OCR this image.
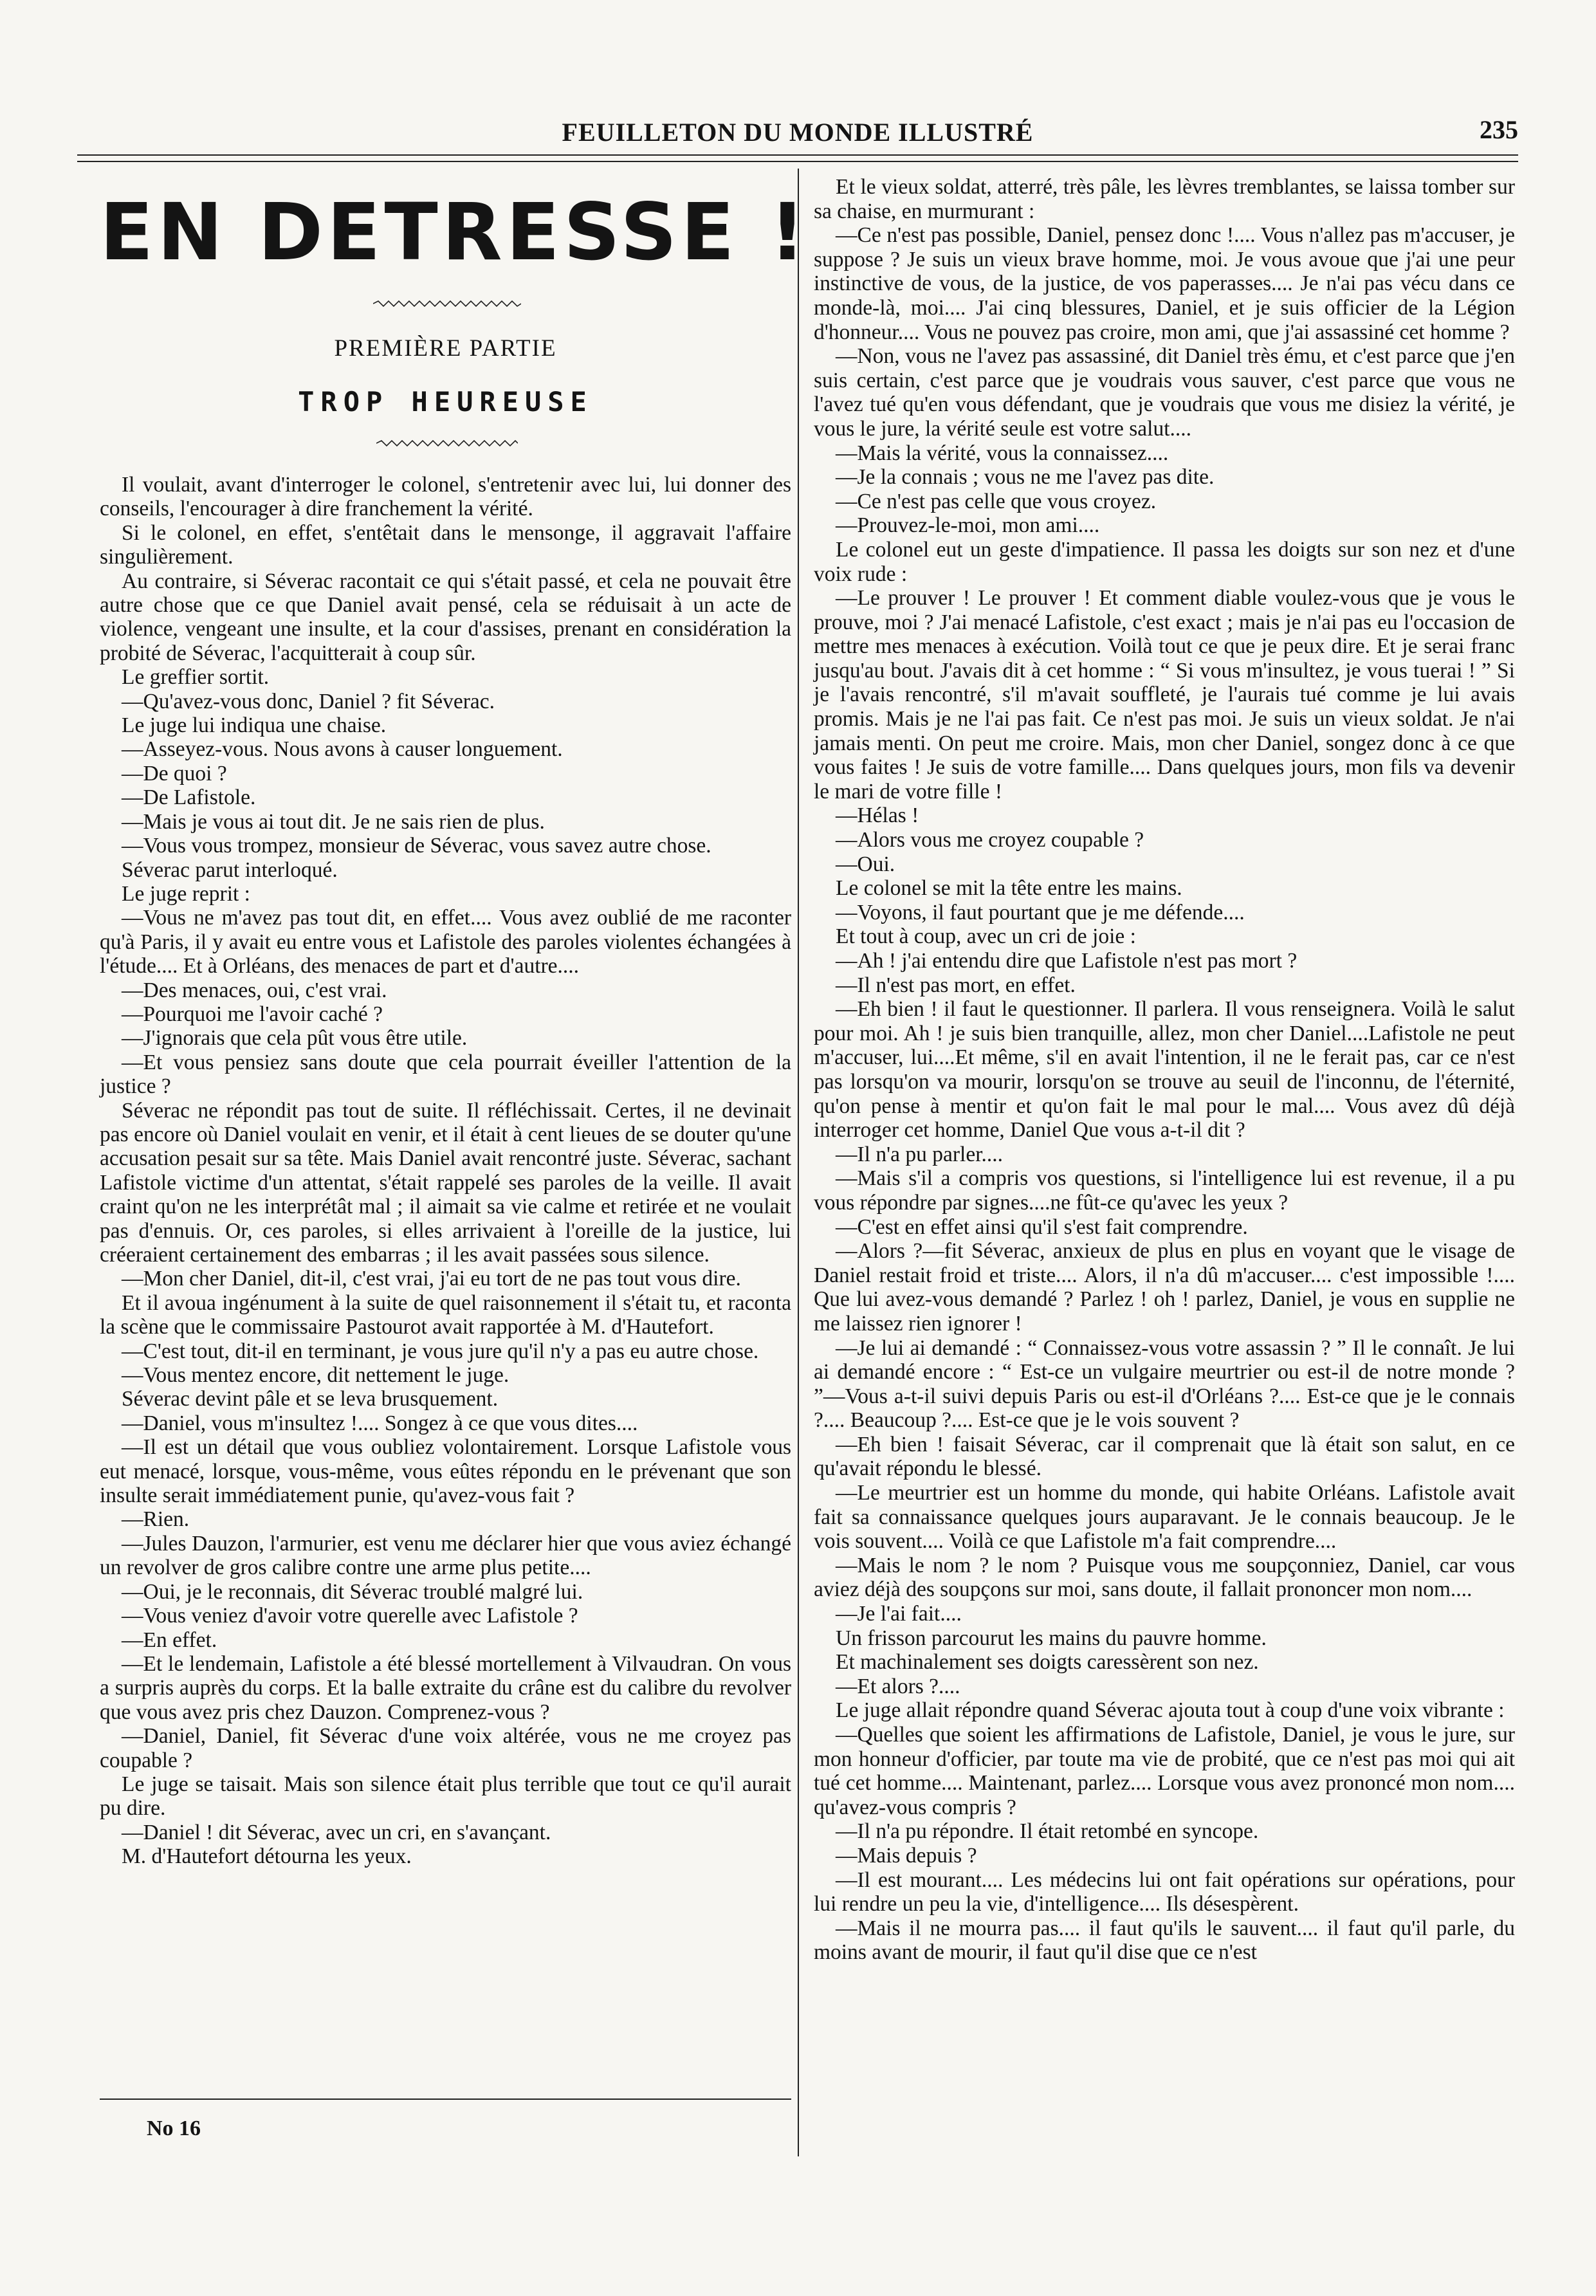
FEUILLETON DU MONDE ILLUSTRÉ	235
EN DETRESSE !
PREMIÈRE PARTIE
TROP HEUREUSE

Il voulait, avant d'interroger le colonel, s'entretenir avec lui, lui donner des conseils, l'encourager à dire franchement la vérité.

Si le colonel, en effet, s'entêtait dans le mensonge, il aggravait l'affaire singulièrement.

Au contraire, si Séverac racontait ce qui s'était passé, et cela ne pouvait être autre chose que ce que Daniel avait pensé, cela se réduisait à un acte de violence, vengeant une insulte, et la cour d'assises, prenant en considération la probité de Séverac, l'acquitterait à coup sûr.

Le greffier sortit.

—Qu'avez-vous donc, Daniel ? fit Séverac.

Le juge lui indiqua une chaise.

—Asseyez-vous. Nous avons à causer longuement.

—De quoi ?

—De Lafistole.

—Mais je vous ai tout dit. Je ne sais rien de plus.

—Vous vous trompez, monsieur de Séverac, vous savez autre chose.

Séverac parut interloqué.

Le juge reprit :

—Vous ne m'avez pas tout dit, en effet.... Vous avez oublié de me raconter qu'à Paris, il y avait eu entre vous et Lafistole des paroles violentes échangées à l'étude.... Et à Orléans, des menaces de part et d'autre....

—Des menaces, oui, c'est vrai.

—Pourquoi me l'avoir caché ?

—J'ignorais que cela pût vous être utile.

—Et vous pensiez sans doute que cela pourrait éveiller l'attention de la justice ?

Séverac ne répondit pas tout de suite. Il réfléchissait. Certes, il ne devinait pas encore où Daniel voulait en venir, et il était à cent lieues de se douter qu'une accusation pesait sur sa tête. Mais Daniel avait rencontré juste. Séverac, sachant Lafistole victime d'un attentat, s'était rappelé ses paroles de la veille. Il avait craint qu'on ne les interprétât mal ; il aimait sa vie calme et retirée et ne voulait pas d'ennuis. Or, ces paroles, si elles arrivaient à l'oreille de la justice, lui créeraient certainement des embarras ; il les avait passées sous silence.

—Mon cher Daniel, dit-il, c'est vrai, j'ai eu tort de ne pas tout vous dire.

Et il avoua ingénument à la suite de quel raisonnement il s'était tu, et raconta la scène que le commissaire Pastourot avait rapportée à M. d'Hautefort.

—C'est tout, dit-il en terminant, je vous jure qu'il n'y a pas eu autre chose.

—Vous mentez encore, dit nettement le juge.

Séverac devint pâle et se leva brusquement.

—Daniel, vous m'insultez !.... Songez à ce que vous dites....

—Il est un détail que vous oubliez volontairement. Lorsque Lafistole vous eut menacé, lorsque, vous-même, vous eûtes répondu en le prévenant que son insulte serait immédiatement punie, qu'avez-vous fait ?

—Rien.

—Jules Dauzon, l'armurier, est venu me déclarer hier que vous aviez échangé un revolver de gros calibre contre une arme plus petite....

—Oui, je le reconnais, dit Séverac troublé malgré lui.

—Vous veniez d'avoir votre querelle avec Lafistole ?

—En effet.

—Et le lendemain, Lafistole a été blessé mortellement à Vilvaudran. On vous a surpris auprès du corps. Et la balle extraite du crâne est du calibre du revolver que vous avez pris chez Dauzon. Comprenez-vous ?

—Daniel, Daniel, fit Séverac d'une voix altérée, vous ne me croyez pas coupable ?

Le juge se taisait. Mais son silence était plus terrible que tout ce qu'il aurait pu dire.

—Daniel ! dit Séverac, avec un cri, en s'avançant.

M. d'Hautefort détourna les yeux.

Et le vieux soldat, atterré, très pâle, les lèvres tremblantes, se laissa tomber sur sa chaise, en murmurant :

—Ce n'est pas possible, Daniel, pensez donc !.... Vous n'allez pas m'accuser, je suppose ? Je suis un vieux brave homme, moi. Je vous avoue que j'ai une peur instinctive de vous, de la justice, de vos paperasses.... Je n'ai pas vécu dans ce monde-là, moi.... J'ai cinq blessures, Daniel, et je suis officier de la Légion d'honneur.... Vous ne pouvez pas croire, mon ami, que j'ai assassiné cet homme ?

—Non, vous ne l'avez pas assassiné, dit Daniel très ému, et c'est parce que j'en suis certain, c'est parce que je voudrais vous sauver, c'est parce que vous ne l'avez tué qu'en vous défendant, que je voudrais que vous me disiez la vérité, je vous le jure, la vérité seule est votre salut....

—Mais la vérité, vous la connaissez....

—Je la connais ; vous ne me l'avez pas dite.

—Ce n'est pas celle que vous croyez.

—Prouvez-le-moi, mon ami....

Le colonel eut un geste d'impatience. Il passa les doigts sur son nez et d'une voix rude :

—Le prouver ! Le prouver ! Et comment diable voulez-vous que je vous le prouve, moi ? J'ai menacé Lafistole, c'est exact ; mais je n'ai pas eu l'occasion de mettre mes menaces à exécution. Voilà tout ce que je peux dire. Et je serai franc jusqu'au bout. J'avais dit à cet homme : “ Si vous m'insultez, je vous tuerai ! ” Si je l'avais rencontré, s'il m'avait souffleté, je l'aurais tué comme je lui avais promis. Mais je ne l'ai pas fait. Ce n'est pas moi. Je suis un vieux soldat. Je n'ai jamais menti. On peut me croire. Mais, mon cher Daniel, songez donc à ce que vous faites ! Je suis de votre famille.... Dans quelques jours, mon fils va devenir le mari de votre fille !

—Hélas !

—Alors vous me croyez coupable ?

—Oui.

Le colonel se mit la tête entre les mains.

—Voyons, il faut pourtant que je me défende....

Et tout à coup, avec un cri de joie :

—Ah ! j'ai entendu dire que Lafistole n'est pas mort ?

—Il n'est pas mort, en effet.

—Eh bien ! il faut le questionner. Il parlera. Il vous renseignera. Voilà le salut pour moi. Ah ! je suis bien tranquille, allez, mon cher Daniel....Lafistole ne peut m'accuser, lui....Et même, s'il en avait l'intention, il ne le ferait pas, car ce n'est pas lorsqu'on va mourir, lorsqu'on se trouve au seuil de l'inconnu, de l'éternité, qu'on pense à mentir et qu'on fait le mal pour le mal.... Vous avez dû déjà interroger cet homme, Daniel Que vous a-t-il dit ?

—Il n'a pu parler....

—Mais s'il a compris vos questions, si l'intelligence lui est revenue, il a pu vous répondre par signes....ne fût-ce qu'avec les yeux ?

—C'est en effet ainsi qu'il s'est fait comprendre.

—Alors ?—fit Séverac, anxieux de plus en plus en voyant que le visage de Daniel restait froid et triste.... Alors, il n'a dû m'accuser.... c'est impossible !.... Que lui avez-vous demandé ? Parlez ! oh ! parlez, Daniel, je vous en supplie ne me laissez rien ignorer !

—Je lui ai demandé : “ Connaissez-vous votre assassin ? ” Il le connaît. Je lui ai demandé encore : “ Est-ce un vulgaire meurtrier ou est-il de notre monde ? ”—Vous a-t-il suivi depuis Paris ou est-il d'Orléans ?.... Est-ce que je le connais ?.... Beaucoup ?.... Est-ce que je le vois souvent ?

—Eh bien ! faisait Séverac, car il comprenait que là était son salut, en ce qu'avait répondu le blessé.

—Le meurtrier est un homme du monde, qui habite Orléans. Lafistole avait fait sa connaissance quelques jours auparavant. Je le connais beaucoup. Je le vois souvent.... Voilà ce que Lafistole m'a fait comprendre....

—Mais le nom ? le nom ? Puisque vous me soupçonniez, Daniel, car vous aviez déjà des soupçons sur moi, sans doute, il fallait prononcer mon nom....

—Je l'ai fait....

Un frisson parcourut les mains du pauvre homme.

Et machinalement ses doigts caressèrent son nez.

—Et alors ?....

Le juge allait répondre quand Séverac ajouta tout à coup d'une voix vibrante :

—Quelles que soient les affirmations de Lafistole, Daniel, je vous le jure, sur mon honneur d'officier, par toute ma vie de probité, que ce n'est pas moi qui ait tué cet homme.... Maintenant, parlez.... Lorsque vous avez prononcé mon nom.... qu'avez-vous compris ?

—Il n'a pu répondre. Il était retombé en syncope.

—Mais depuis ?

—Il est mourant.... Les médecins lui ont fait opérations sur opérations, pour lui rendre un peu la vie, d'intelligence.... Ils désespèrent.

—Mais il ne mourra pas.... il faut qu'ils le sauvent.... il faut qu'il parle, du moins avant de mourir, il faut qu'il dise que ce n'est

No 16
